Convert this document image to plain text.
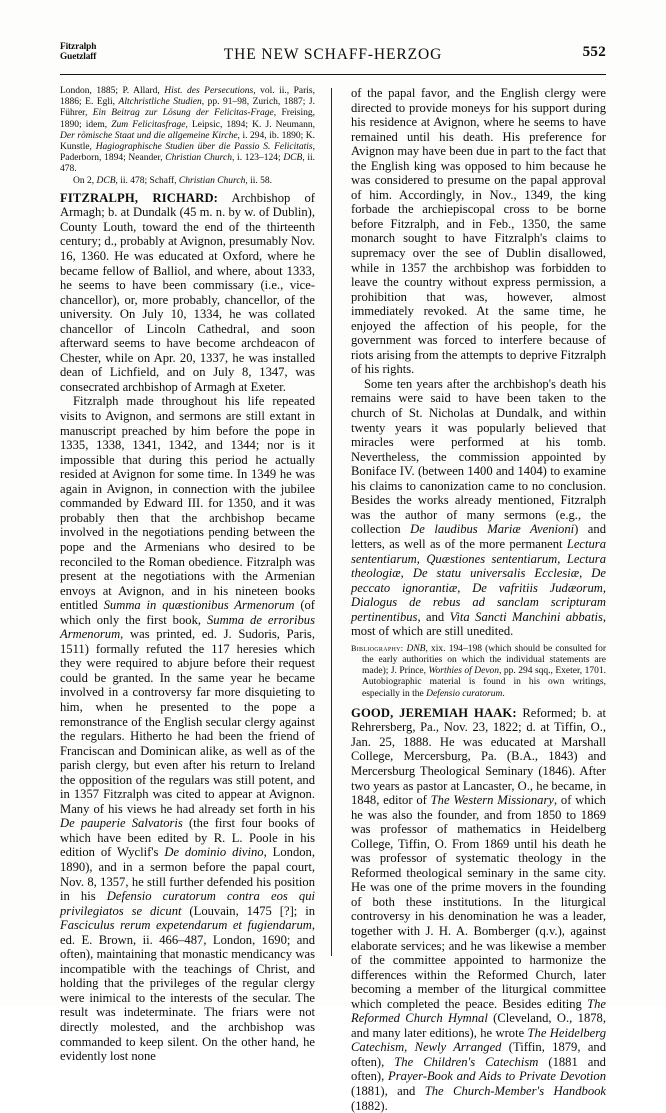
Fitzralph
Guetzlaff	THE NEW SCHAFF-HERZOG	552

London, 1885; P. Allard, Hist. des Persecutions, vol. ii., Paris, 1886; E. Egli, Altchristliche Studien, pp. 91–98, Zurich, 1887; J. Führer, Ein Beitrag zur Lösung der Felicitas-Frage, Freising, 1890; idem, Zum Felicitasfrage, Leipsic, 1894; K. J. Neumann, Der römische Staat und die allgemeine Kirche, i. 294, ib. 1890; K. Kunstle, Hagiographische Studien über die Passio S. Felicitatis, Paderborn, 1894; Neander, Christian Church, i. 123–124; DCB, ii. 478.

On 2, DCB, ii. 478; Schaff, Christian Church, ii. 58.

FITZRALPH, RICHARD: Archbishop of Armagh; b. at Dundalk (45 m. n. by w. of Dublin), County Louth, toward the end of the thirteenth century; d., probably at Avignon, presumably Nov. 16, 1360. He was educated at Oxford, where he became fellow of Balliol, and where, about 1333, he seems to have been commissary (i.e., vice-chancellor), or, more probably, chancellor, of the university. On July 10, 1334, he was collated chancellor of Lincoln Cathedral, and soon afterward seems to have become archdeacon of Chester, while on Apr. 20, 1337, he was installed dean of Lichfield, and on July 8, 1347, was consecrated archbishop of Armagh at Exeter.

Fitzralph made throughout his life repeated visits to Avignon, and sermons are still extant in manuscript preached by him before the pope in 1335, 1338, 1341, 1342, and 1344; nor is it impossible that during this period he actually resided at Avignon for some time. In 1349 he was again in Avignon, in connection with the jubilee commanded by Edward III. for 1350, and it was probably then that the archbishop became involved in the negotiations pending between the pope and the Armenians who desired to be reconciled to the Roman obedience. Fitzralph was present at the negotiations with the Armenian envoys at Avignon, and in his nineteen books entitled Summa in quæstionibus Armenorum (of which only the first book, Summa de erroribus Armenorum, was printed, ed. J. Sudoris, Paris, 1511) formally refuted the 117 heresies which they were required to abjure before their request could be granted. In the same year he became involved in a controversy far more disquieting to him, when he presented to the pope a remonstrance of the English secular clergy against the regulars. Hitherto he had been the friend of Franciscan and Dominican alike, as well as of the parish clergy, but even after his return to Ireland the opposition of the regulars was still potent, and in 1357 Fitzralph was cited to appear at Avignon. Many of his views he had already set forth in his De pauperie Salvatoris (the first four books of which have been edited by R. L. Poole in his edition of Wyclif's De dominio divino, London, 1890), and in a sermon before the papal court, Nov. 8, 1357, he still further defended his position in his Defensio curatorum contra eos qui privilegiatos se dicunt (Louvain, 1475 [?]; in Fasciculus rerum expetendarum et fugiendarum, ed. E. Brown, ii. 466–487, London, 1690; and often), maintaining that monastic mendicancy was incompatible with the teachings of Christ, and holding that the privileges of the regular clergy were inimical to the interests of the secular. The result was indeterminate. The friars were not directly molested, and the archbishop was commanded to keep silent. On the other hand, he evidently lost none

of the papal favor, and the English clergy were directed to provide moneys for his support during his residence at Avignon, where he seems to have remained until his death. His preference for Avignon may have been due in part to the fact that the English king was opposed to him because he was considered to presume on the papal approval of him. Accordingly, in Nov., 1349, the king forbade the archiepiscopal cross to be borne before Fitzralph, and in Feb., 1350, the same monarch sought to have Fitzralph's claims to supremacy over the see of Dublin disallowed, while in 1357 the archbishop was forbidden to leave the country without express permission, a prohibition that was, however, almost immediately revoked. At the same time, he enjoyed the affection of his people, for the government was forced to interfere because of riots arising from the attempts to deprive Fitzralph of his rights.

Some ten years after the archbishop's death his remains were said to have been taken to the church of St. Nicholas at Dundalk, and within twenty years it was popularly believed that miracles were performed at his tomb. Nevertheless, the commission appointed by Boniface IV. (between 1400 and 1404) to examine his claims to canonization came to no conclusion. Besides the works already mentioned, Fitzralph was the author of many sermons (e.g., the collection De laudibus Mariæ Avenioni) and letters, as well as of the more permanent Lectura sententiarum, Quæstiones sententiarum, Lectura theologiæ, De statu universalis Ecclesiæ, De peccato ignorantiæ, De vafritiis Judæorum, Dialogus de rebus ad sanclam scripturam pertinentibus, and Vita Sancti Manchini abbatis, most of which are still unedited.

Bibliography: DNB, xix. 194–198 (which should be consulted for the early authorities on which the individual statements are made); J. Prince, Worthies of Devon, pp. 294 sqq., Exeter, 1701. Autobiographic material is found in his own writings, especially in the Defensio curatorum.

GOOD, JEREMIAH HAAK: Reformed; b. at Rehrersberg, Pa., Nov. 23, 1822; d. at Tiffin, O., Jan. 25, 1888. He was educated at Marshall College, Mercersburg, Pa. (B.A., 1843) and Mercersburg Theological Seminary (1846). After two years as pastor at Lancaster, O., he became, in 1848, editor of The Western Missionary, of which he was also the founder, and from 1850 to 1869 was professor of mathematics in Heidelberg College, Tiffin, O. From 1869 until his death he was professor of systematic theology in the Reformed theological seminary in the same city. He was one of the prime movers in the founding of both these institutions. In the liturgical controversy in his denomination he was a leader, together with J. H. A. Bomberger (q.v.), against elaborate services; and he was likewise a member of the committee appointed to harmonize the differences within the Reformed Church, later becoming a member of the liturgical committee which completed the peace. Besides editing The Reformed Church Hymnal (Cleveland, O., 1878, and many later editions), he wrote The Heidelberg Catechism, Newly Arranged (Tiffin, 1879, and often), The Children's Catechism (1881 and often), Prayer-Book and Aids to Private Devotion (1881), and The Church-Member's Handbook (1882).
